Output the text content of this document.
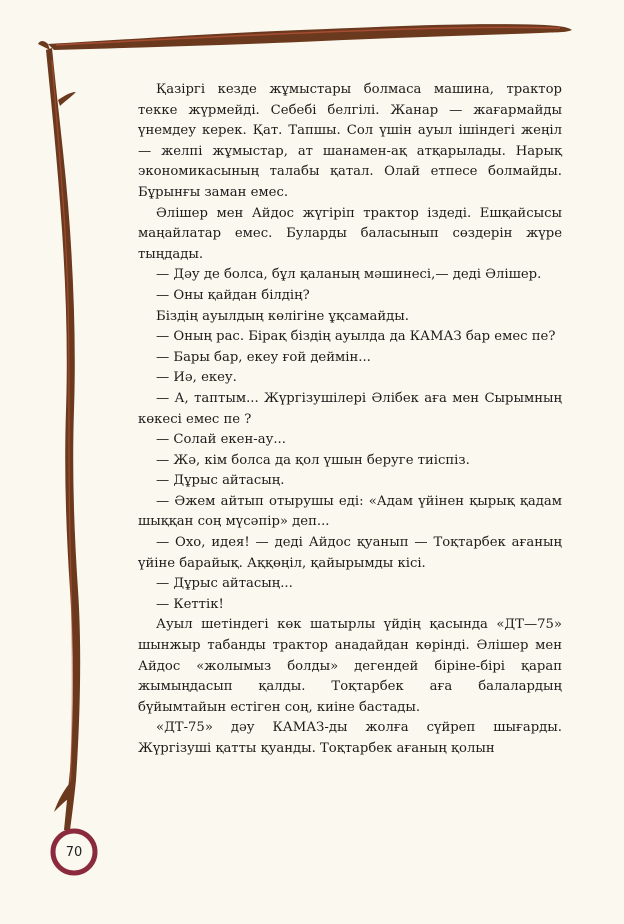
Қазіргі кезде жұмыстары болмаса машина, трактор текке жүрмейді. Себебі белгілі. Жанар — жағармайды үнемдеу керек. Қат. Тапшы. Сол үшін ауыл ішіндегі жеңіл — желпі жұмыстар, ат шанамен-ақ атқарылады. Нарық экономикасының талабы қатал. Олай етпесе болмайды. Бұрынғы заман емес.

Әлішер мен Айдос жүгіріп трактор іздеді. Ешқайсысы маңайлатар емес. Буларды баласынып сөздерін жүре тыңдады.

— Дәу де болса, бұл қаланың мәшинесі,— деді Әлішер.

— Оны қайдан білдің?

Біздің ауылдың көлігіне ұқсамайды.

— Оның рас. Бірақ біздің ауылда да КАМАЗ бар емес пе?

— Бары бар, екеу ғой деймін...

— Иә, екеу.

— А, таптым... Жүргізушілері Әлібек аға мен Сырымның көкесі емес пе ?

— Солай екен-ау...

— Жә, кім болса да қол үшын беруге тиіспіз.

— Дұрыс айтасың.

— Әжем айтып отырушы еді: «Адам үйінен қырық қадам шыққан соң мүсәпір» деп...

— Охо, идея! — деді Айдос қуанып — Тоқтарбек ағаның үйіне барайық. Аққөңіл, қайырымды кісі.

— Дұрыс айтасың...

— Кеттік!

Ауыл шетіндегі көк шатырлы үйдің қасында «ДТ—75» шынжыр табанды трактор анадайдан көрінді. Әлішер мен Айдос «жолымыз болды» дегендей біріне-бірі қарап жымыңдасып қалды. Тоқтарбек аға балалардың бүйымтайын естіген соң, киіне бастады.

«ДТ-75» дәу КАМАЗ-ды жолға сүйреп шығарды. Жүргізуші қатты қуанды. Тоқтарбек ағаның қолын

70
